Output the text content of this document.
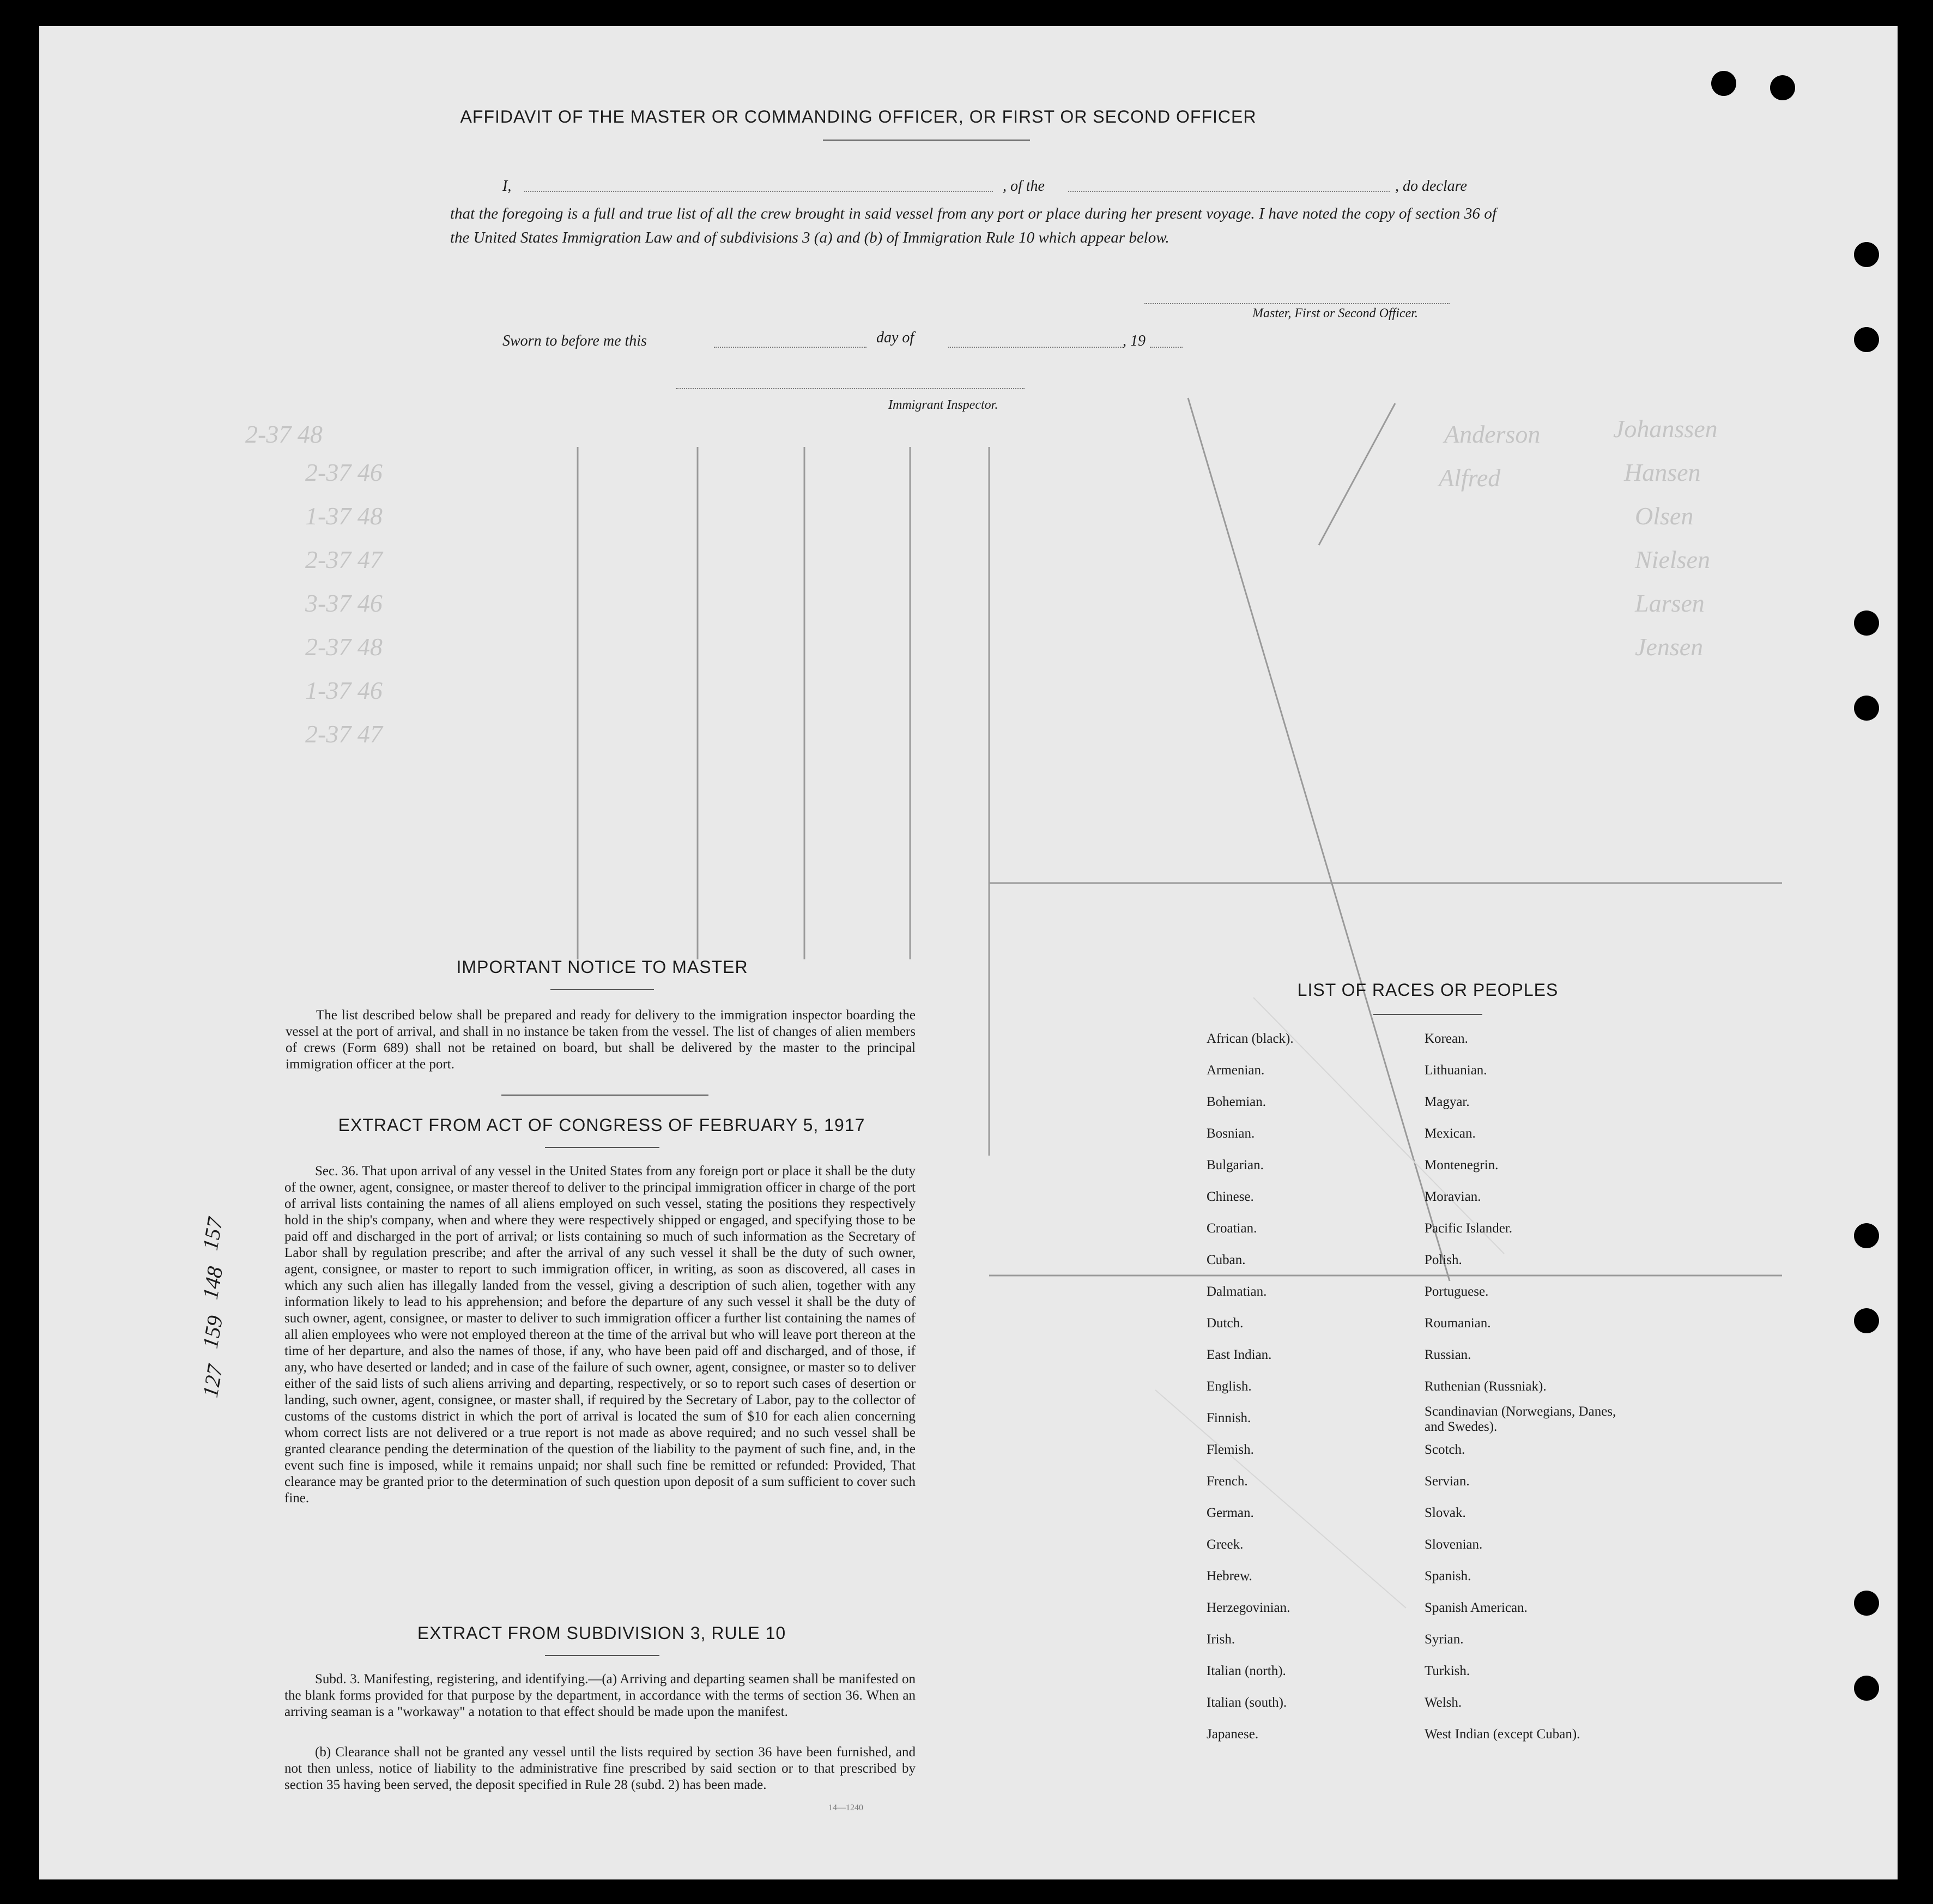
2-37 48
2-37 46
1-37 48
2-37 47
3-37 46
2-37 48
1-37 46
2-37 47
Anderson
Alfred
Johanssen
Hansen
Olsen
Nielsen
Larsen
Jensen
AFFIDAVIT OF THE MASTER OR COMMANDING OFFICER, OR FIRST OR SECOND OFFICER
I,	, of the	, do declare
that the foregoing is a full and true list of all the crew brought in said vessel from any port or place during her present voyage. I have noted the copy of section 36 of the United States Immigration Law and of subdivisions 3 (a) and (b) of Immigration Rule 10 which appear below.
Master, First or Second Officer.
Sworn to before me this	day of	, 19
Immigrant Inspector.
IMPORTANT NOTICE TO MASTER
The list described below shall be prepared and ready for delivery to the immigration inspector boarding the vessel at the port of arrival, and shall in no instance be taken from the vessel. The list of changes of alien members of crews (Form 689) shall not be retained on board, but shall be delivered by the master to the principal immigration officer at the port.
EXTRACT FROM ACT OF CONGRESS OF FEBRUARY 5, 1917
Sec. 36. That upon arrival of any vessel in the United States from any foreign port or place it shall be the duty of the owner, agent, consignee, or master thereof to deliver to the principal immigration officer in charge of the port of arrival lists containing the names of all aliens employed on such vessel, stating the positions they respectively hold in the ship's company, when and where they were respectively shipped or engaged, and specifying those to be paid off and discharged in the port of arrival; or lists containing so much of such information as the Secretary of Labor shall by regulation prescribe; and after the arrival of any such vessel it shall be the duty of such owner, agent, consignee, or master to report to such immigration officer, in writing, as soon as discovered, all cases in which any such alien has illegally landed from the vessel, giving a description of such alien, together with any information likely to lead to his apprehension; and before the departure of any such vessel it shall be the duty of such owner, agent, consignee, or master to deliver to such immigration officer a further list containing the names of all alien employees who were not employed thereon at the time of the arrival but who will leave port thereon at the time of her departure, and also the names of those, if any, who have been paid off and discharged, and of those, if any, who have deserted or landed; and in case of the failure of such owner, agent, consignee, or master so to deliver either of the said lists of such aliens arriving and departing, respectively, or so to report such cases of desertion or landing, such owner, agent, consignee, or master shall, if required by the Secretary of Labor, pay to the collector of customs of the customs district in which the port of arrival is located the sum of $10 for each alien concerning whom correct lists are not delivered or a true report is not made as above required; and no such vessel shall be granted clearance pending the determination of the question of the liability to the payment of such fine, and, in the event such fine is imposed, while it remains unpaid; nor shall such fine be remitted or refunded: Provided, That clearance may be granted prior to the determination of such question upon deposit of a sum sufficient to cover such fine.
EXTRACT FROM SUBDIVISION 3, RULE 10
Subd. 3. Manifesting, registering, and identifying.—(a) Arriving and departing seamen shall be manifested on the blank forms provided for that purpose by the department, in accordance with the terms of section 36. When an arriving seaman is a "workaway" a notation to that effect should be made upon the manifest.
(b) Clearance shall not be granted any vessel until the lists required by section 36 have been furnished, and not then unless, notice of liability to the administrative fine prescribed by said section or to that prescribed by section 35 having been served, the deposit specified in Rule 28 (subd. 2) has been made.
14—1240
157
148
159
127
LIST OF RACES OR PEOPLES
African (black).
Armenian.
Bohemian.
Bosnian.
Bulgarian.
Chinese.
Croatian.
Cuban.
Dalmatian.
Dutch.
East Indian.
English.
Finnish.
Flemish.
French.
German.
Greek.
Hebrew.
Herzegovinian.
Irish.
Italian (north).
Italian (south).
Japanese.
Korean.
Lithuanian.
Magyar.
Mexican.
Montenegrin.
Moravian.
Pacific Islander.
Polish.
Portuguese.
Roumanian.
Russian.
Ruthenian (Russniak).
Scandinavian (Norwegians, Danes, and Swedes).
Scotch.
Servian.
Slovak.
Slovenian.
Spanish.
Spanish American.
Syrian.
Turkish.
Welsh.
West Indian (except Cuban).
